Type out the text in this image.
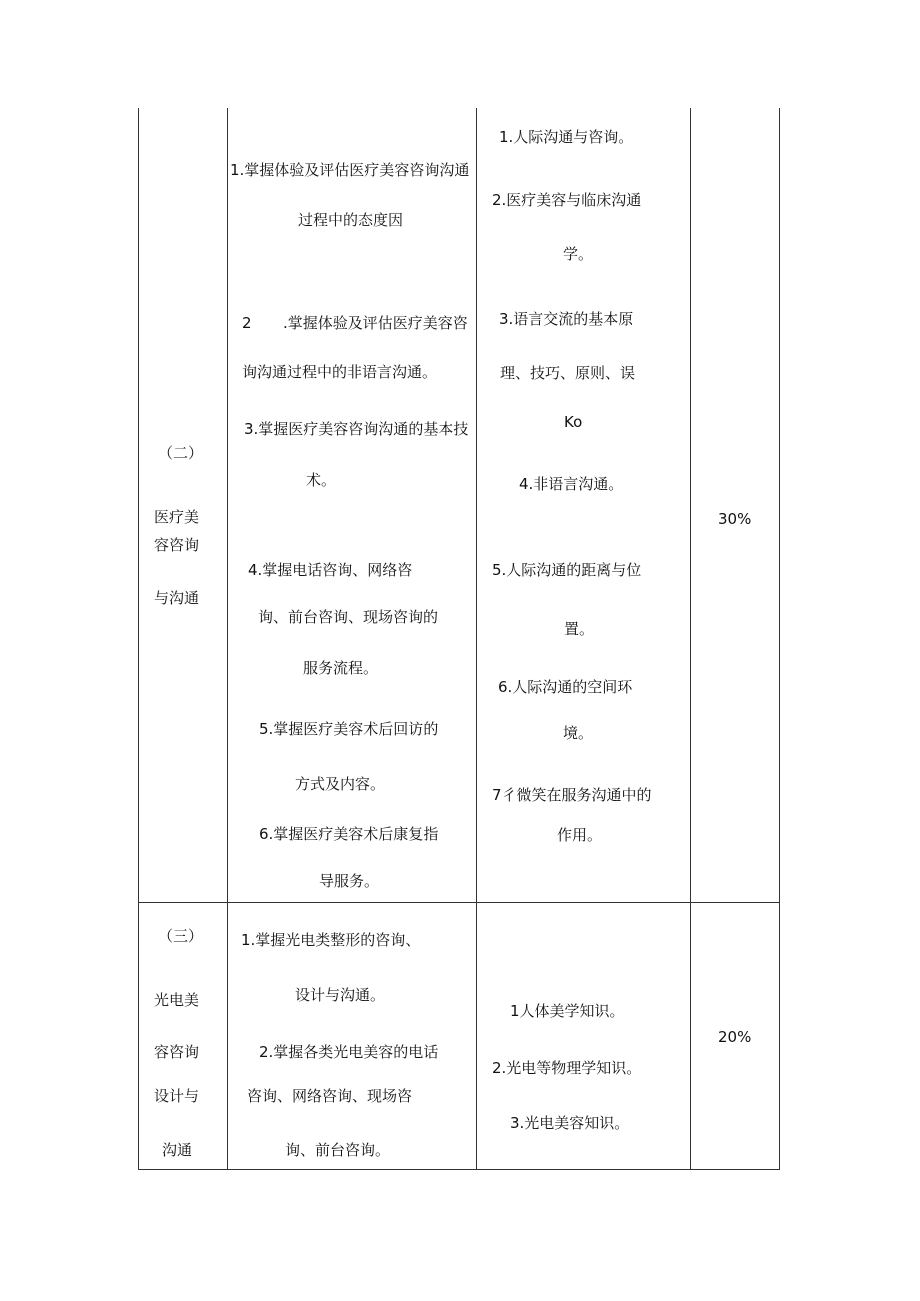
（二）
医疗美
容咨询
与沟通
1.掌握体验及评估医疗美容咨询沟通
过程中的态度因
2 .掌握体验及评估医疗美容咨
询沟通过程中的非语言沟通。
3.掌握医疗美容咨询沟通的基本技
术。
4.掌握电话咨询、网络咨
询、前台咨询、现场咨询的
服务流程。
5.掌握医疗美容术后回访的
方式及内容。
6.掌握医疗美容术后康复指
导服务。
1.人际沟通与咨询。
2.医疗美容与临床沟通
学。
3.语言交流的基本原
理、技巧、原则、误
Ko
4.非语言沟通。
5.人际沟通的距离与位
置。
6.人际沟通的空间环
境。
7彳微笑在服务沟通中的
作用。
30%
（三）
光电美
容咨询
设计与
沟通
1.掌握光电类整形的咨询、
设计与沟通。
2.掌握各类光电美容的电话
咨询、网络咨询、现场咨
询、前台咨询。
1人体美学知识。
2.光电等物理学知识。
3.光电美容知识。
20%
